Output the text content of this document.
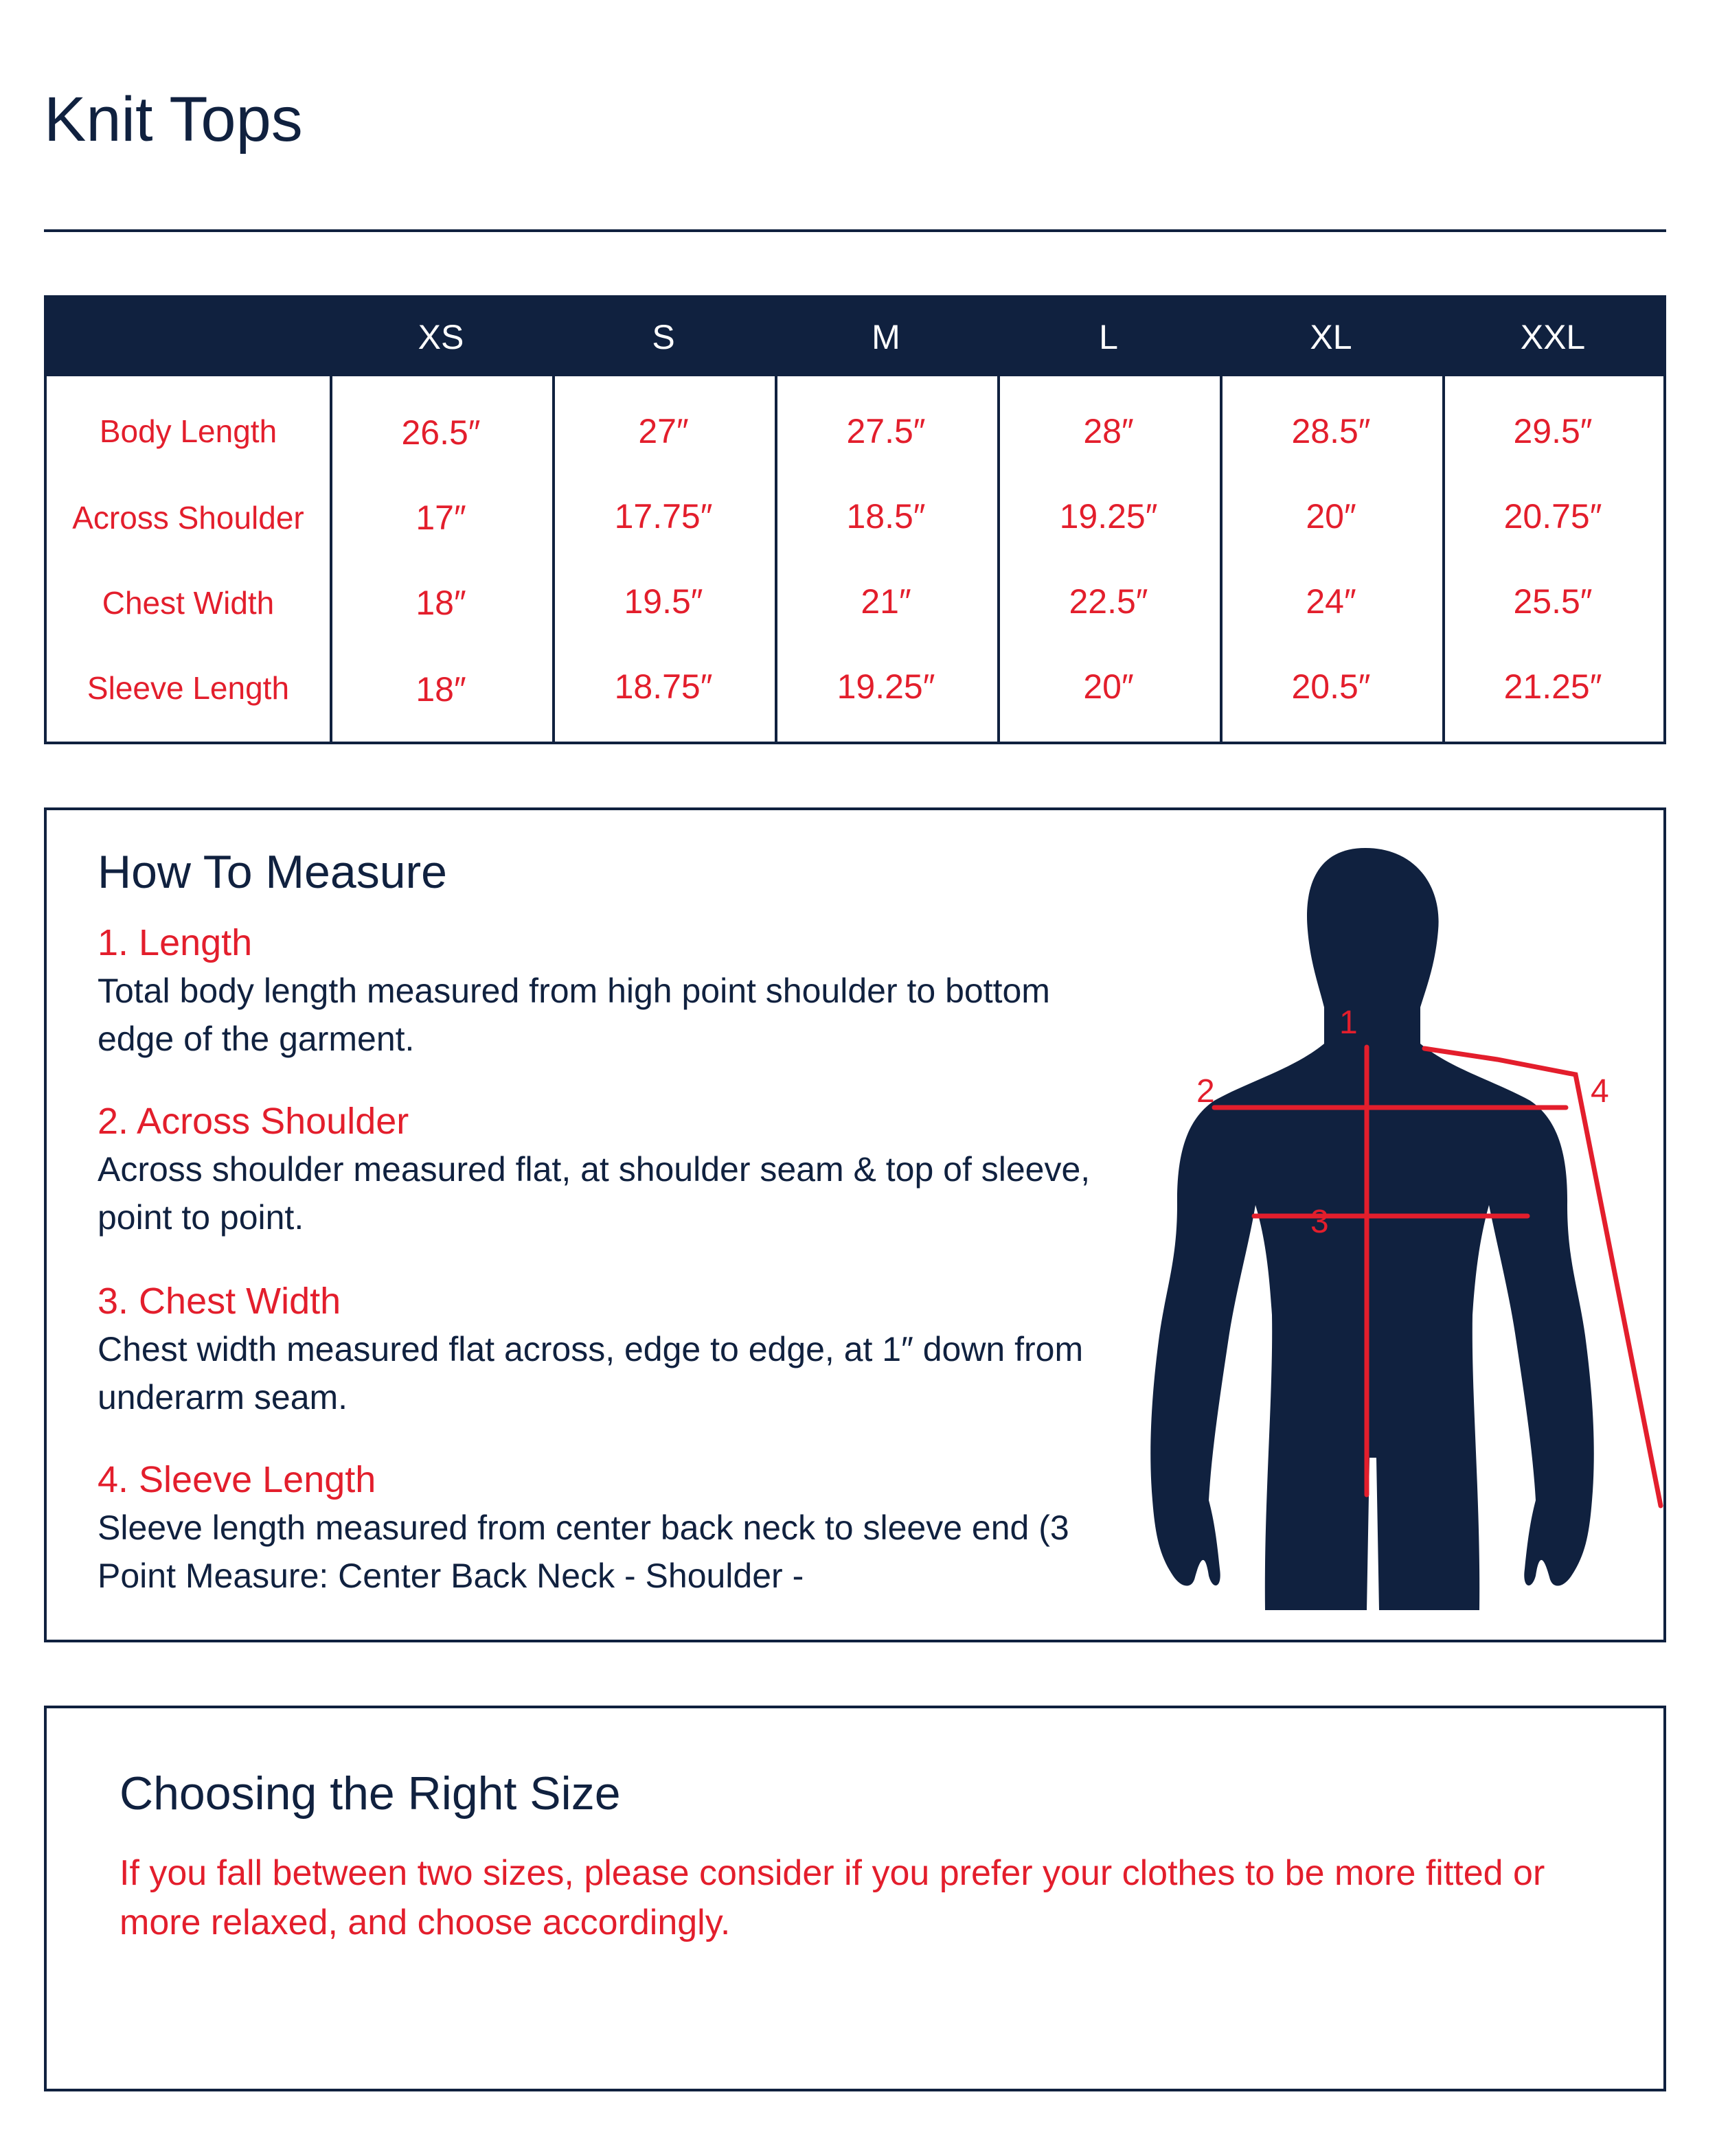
Knit Tops
XS	S	M	L	XL	XXL
Body Length	26.5″	27″	27.5″	28″	28.5″	29.5″
Across Shoulder	17″	17.75″	18.5″	19.25″	20″	20.75″
Chest Width	18″	19.5″	21″	22.5″	24″	25.5″
Sleeve Length	18″	18.75″	19.25″	20″	20.5″	21.25″
How To Measure
1. Length
Total body length measured from high point shoulder to bottom edge of the garment.
2. Across Shoulder
Across shoulder measured flat, at shoulder seam & top of sleeve, point to point.
3. Chest Width
Chest width measured flat across, edge to edge, at 1″ down from underarm seam.
4. Sleeve Length
Sleeve length measured from center back neck to sleeve end (3 Point Measure: Center Back Neck - Shoulder -
1
2
3
4
Choosing the Right Size
If you fall between two sizes, please consider if you prefer your clothes to be more fitted or more relaxed, and choose accordingly.
